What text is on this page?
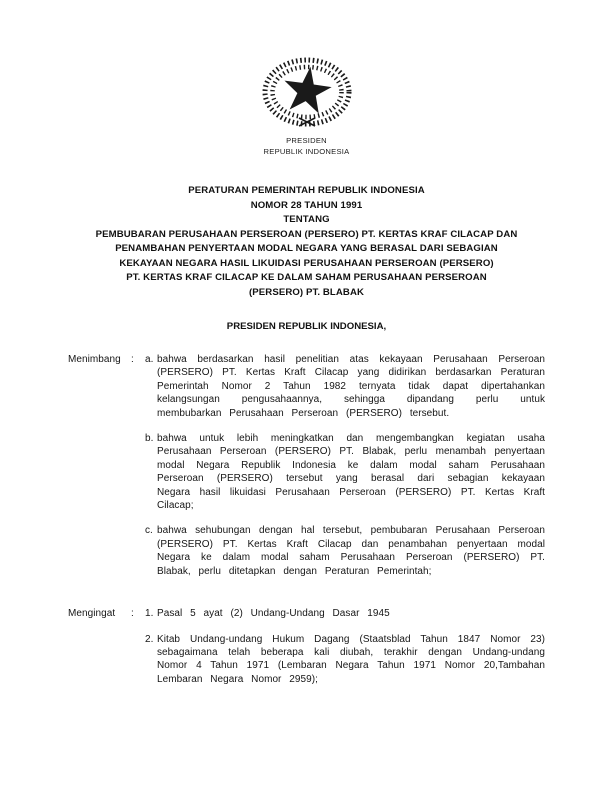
PRESIDEN
REPUBLIK INDONESIA
PERATURAN PEMERINTAH REPUBLIK INDONESIA
NOMOR 28 TAHUN 1991
TENTANG
PEMBUBARAN PERUSAHAAN PERSEROAN (PERSERO) PT. KERTAS KRAF CILACAP DAN
PENAMBAHAN PENYERTAAN MODAL NEGARA YANG BERASAL DARI SEBAGIAN
KEKAYAAN NEGARA HASIL LIKUIDASI PERUSAHAAN PERSEROAN (PERSERO)
PT. KERTAS KRAF CILACAP KE DALAM SAHAM PERUSAHAAN PERSEROAN
(PERSERO) PT. BLABAK
PRESIDEN REPUBLIK INDONESIA,
Menimbang	:	a. bahwa berdasarkan hasil penelitian atas kekayaan Perusahaan Perseroan (PERSERO) PT. Kertas Kraft Cilacap yang didirikan berdasarkan Peraturan Pemerintah Nomor 2 Tahun 1982 ternyata tidak dapat dipertahankan kelangsungan pengusahaannya, sehingga dipandang perlu untuk membubarkan Perusahaan Perseroan (PERSERO) tersebut.

b. bahwa untuk lebih meningkatkan dan mengembangkan kegiatan usaha Perusahaan Perseroan (PERSERO) PT. Blabak, perlu menambah penyertaan modal Negara Republik Indonesia ke dalam modal saham Perusahaan Perseroan (PERSERO) tersebut yang berasal dari sebagian kekayaan Negara hasil likuidasi Perusahaan Perseroan (PERSERO) PT. Kertas Kraft Cilacap;

c. bahwa sehubungan dengan hal tersebut, pembubaran Perusahaan Perseroan (PERSERO) PT. Kertas Kraft Cilacap dan penambahan penyertaan modal Negara ke dalam modal saham Perusahaan Perseroan (PERSERO) PT. Blabak, perlu ditetapkan dengan Peraturan Pemerintah;

Mengingat	:	1. Pasal 5 ayat (2) Undang-Undang Dasar 1945

2. Kitab Undang-undang Hukum Dagang (Staatsblad Tahun 1847 Nomor 23) sebagaimana telah beberapa kali diubah, terakhir dengan Undang-undang Nomor 4 Tahun 1971 (Lembaran Negara Tahun 1971 Nomor 20,Tambahan Lembaran Negara Nomor 2959);
